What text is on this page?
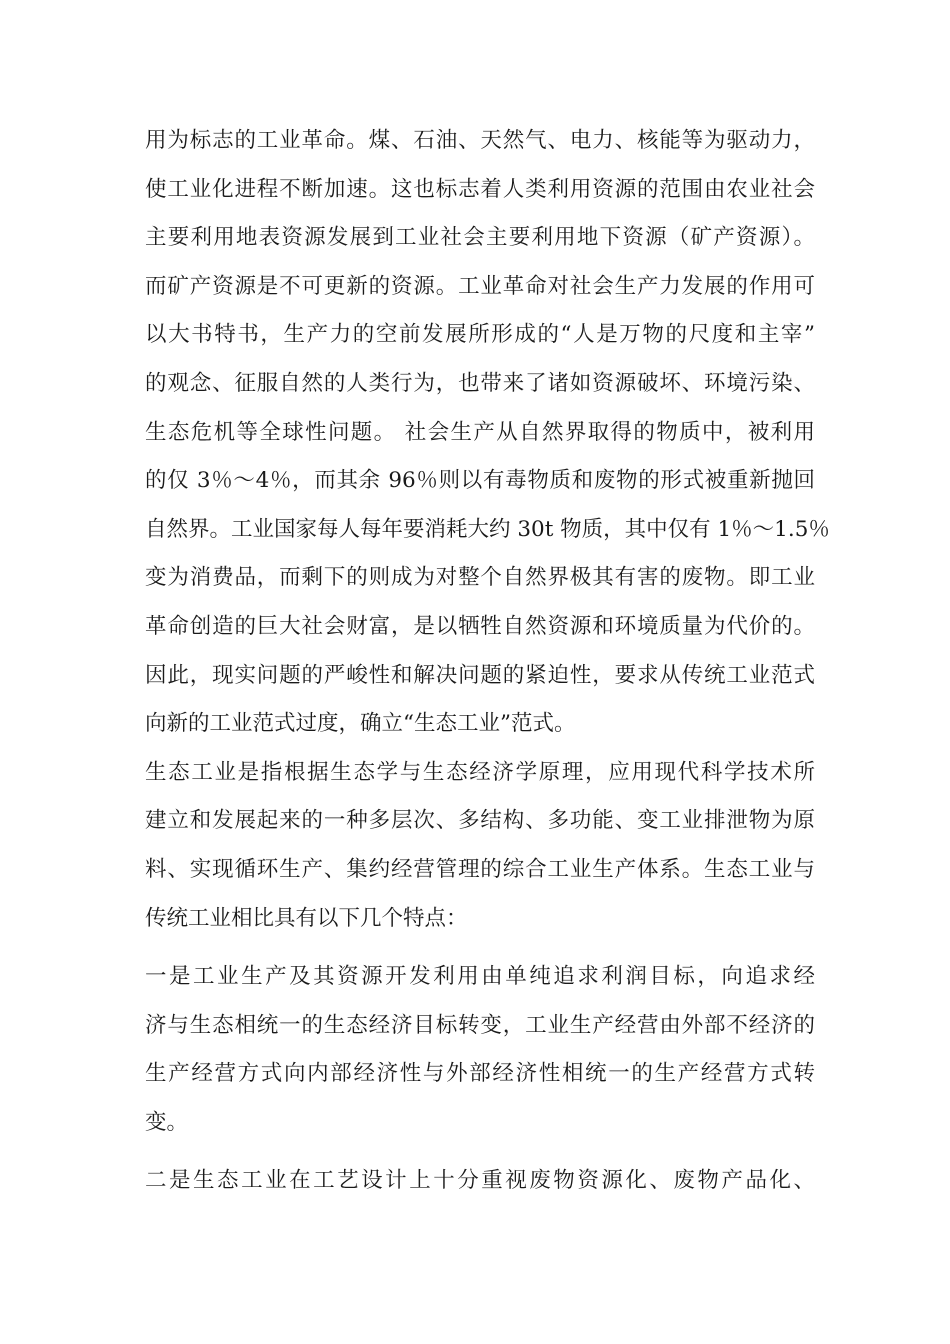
用为标志的工业革命。煤、石油、天然气、电力、核能等为驱动力，
使工业化进程不断加速。这也标志着人类利用资源的范围由农业社会
主要利用地表资源发展到工业社会主要利用地下资源（矿产资源）。
而矿产资源是不可更新的资源。工业革命对社会生产力发展的作用可
以大书特书，生产力的空前发展所形成的“人是万物的尺度和主宰”
的观念、征服自然的人类行为，也带来了诸如资源破坏、环境污染、
生态危机等全球性问题。 社会生产从自然界取得的物质中，被利用
的仅 3％～4％，而其余 96％则以有毒物质和废物的形式被重新抛回
自然界。工业国家每人每年要消耗大约 30t 物质，其中仅有 1％～1.5％
变为消费品，而剩下的则成为对整个自然界极其有害的废物。即工业
革命创造的巨大社会财富，是以牺牲自然资源和环境质量为代价的。
因此，现实问题的严峻性和解决问题的紧迫性，要求从传统工业范式
向新的工业范式过度，确立“生态工业”范式。
生态工业是指根据生态学与生态经济学原理，应用现代科学技术所
建立和发展起来的一种多层次、多结构、多功能、变工业排泄物为原
料、实现循环生产、集约经营管理的综合工业生产体系。生态工业与
传统工业相比具有以下几个特点：
一是工业生产及其资源开发利用由单纯追求利润目标，向追求经
济与生态相统一的生态经济目标转变，工业生产经营由外部不经济的
生产经营方式向内部经济性与外部经济性相统一的生产经营方式转
变。
二是生态工业在工艺设计上十分重视废物资源化、废物产品化、
